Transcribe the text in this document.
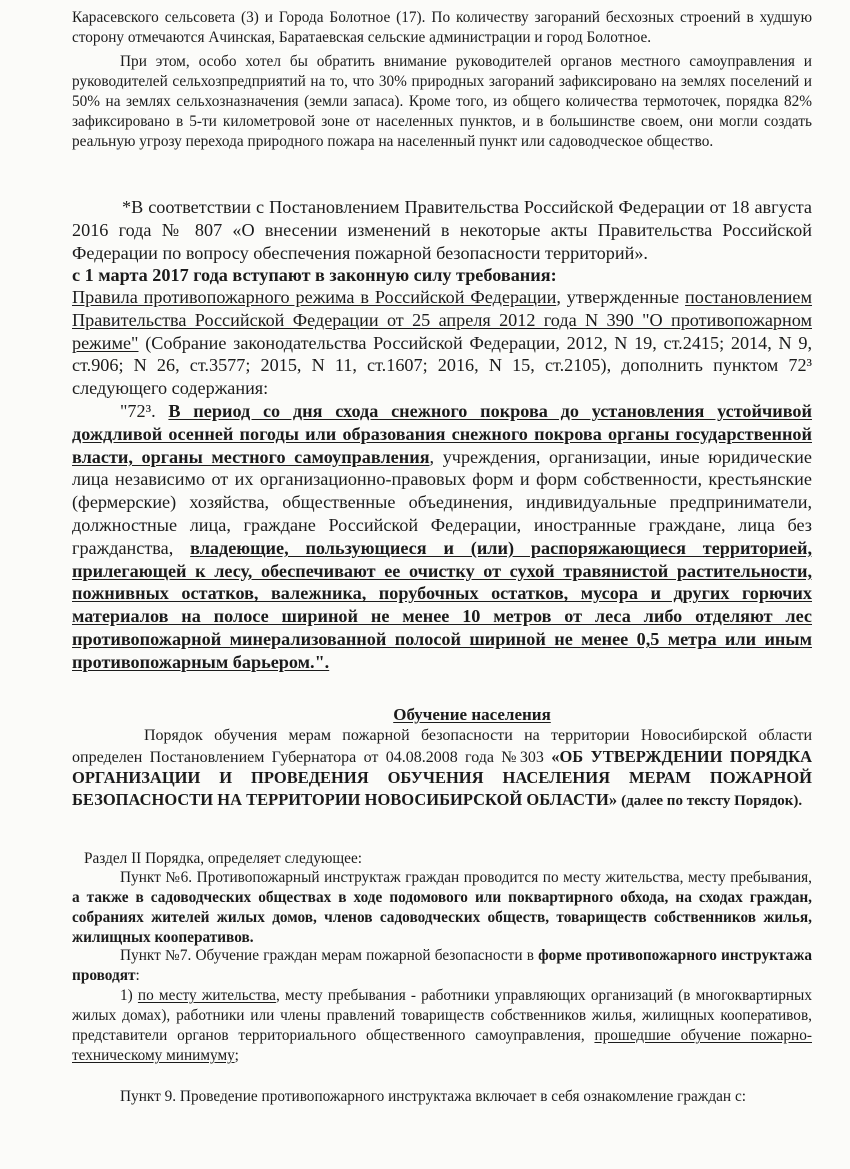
Карасевского сельсовета (3) и Города Болотное (17). По количеству загораний бесхозных строений в худшую сторону отмечаются Ачинская, Баратаевская сельские администрации и город Болотное.

При этом, особо хотел бы обратить внимание руководителей органов местного самоуправления и руководителей сельхозпредприятий на то, что 30% природных загораний зафиксировано на землях поселений и 50% на землях сельхозназначения (земли запаса). Кроме того, из общего количества термоточек, порядка 82% зафиксировано в 5-ти километровой зоне от населенных пунктов, и в большинстве своем, они могли создать реальную угрозу перехода природного пожара на населенный пункт или садоводческое общество.

*В соответствии с Постановлением Правительства Российской Федерации от 18 августа 2016 года № 807 «О внесении изменений в некоторые акты Правительства Российской Федерации по вопросу обеспечения пожарной безопасности территорий».

с 1 марта 2017 года вступают в законную силу требования:

Правила противопожарного режима в Российской Федерации, утвержденные постановлением Правительства Российской Федерации от 25 апреля 2012 года N 390 "О противопожарном режиме" (Собрание законодательства Российской Федерации, 2012, N 19, ст.2415; 2014, N 9, ст.906; N 26, ст.3577; 2015, N 11, ст.1607; 2016, N 15, ст.2105), дополнить пунктом 72³ следующего содержания:

"72³. В период со дня схода снежного покрова до установления устойчивой дождливой осенней погоды или образования снежного покрова органы государственной власти, органы местного самоуправления, учреждения, организации, иные юридические лица независимо от их организационно-правовых форм и форм собственности, крестьянские (фермерские) хозяйства, общественные объединения, индивидуальные предприниматели, должностные лица, граждане Российской Федерации, иностранные граждане, лица без гражданства, владеющие, пользующиеся и (или) распоряжающиеся территорией, прилегающей к лесу, обеспечивают ее очистку от сухой травянистой растительности, пожнивных остатков, валежника, порубочных остатков, мусора и других горючих материалов на полосе шириной не менее 10 метров от леса либо отделяют лес противопожарной минерализованной полосой шириной не менее 0,5 метра или иным противопожарным барьером.".

Обучение населения

Порядок обучения мерам пожарной безопасности на территории Новосибирской области определен Постановлением Губернатора от 04.08.2008 года №303 «ОБ УТВЕРЖДЕНИИ ПОРЯДКА ОРГАНИЗАЦИИ И ПРОВЕДЕНИЯ ОБУЧЕНИЯ НАСЕЛЕНИЯ МЕРАМ ПОЖАРНОЙ БЕЗОПАСНОСТИ НА ТЕРРИТОРИИ НОВОСИБИРСКОЙ ОБЛАСТИ» (далее по тексту Порядок).

Раздел II Порядка, определяет следующее:

Пункт №6. Противопожарный инструктаж граждан проводится по месту жительства, месту пребывания, а также в садоводческих обществах в ходе подомового или поквартирного обхода, на сходах граждан, собраниях жителей жилых домов, членов садоводческих обществ, товариществ собственников жилья, жилищных кооперативов.

Пункт №7. Обучение граждан мерам пожарной безопасности в форме противопожарного инструктажа проводят:

1) по месту жительства, месту пребывания - работники управляющих организаций (в многоквартирных жилых домах), работники или члены правлений товариществ собственников жилья, жилищных кооперативов, представители органов территориального общественного самоуправления, прошедшие обучение пожарно-техническому минимуму;

Пункт 9. Проведение противопожарного инструктажа включает в себя ознакомление граждан с:
